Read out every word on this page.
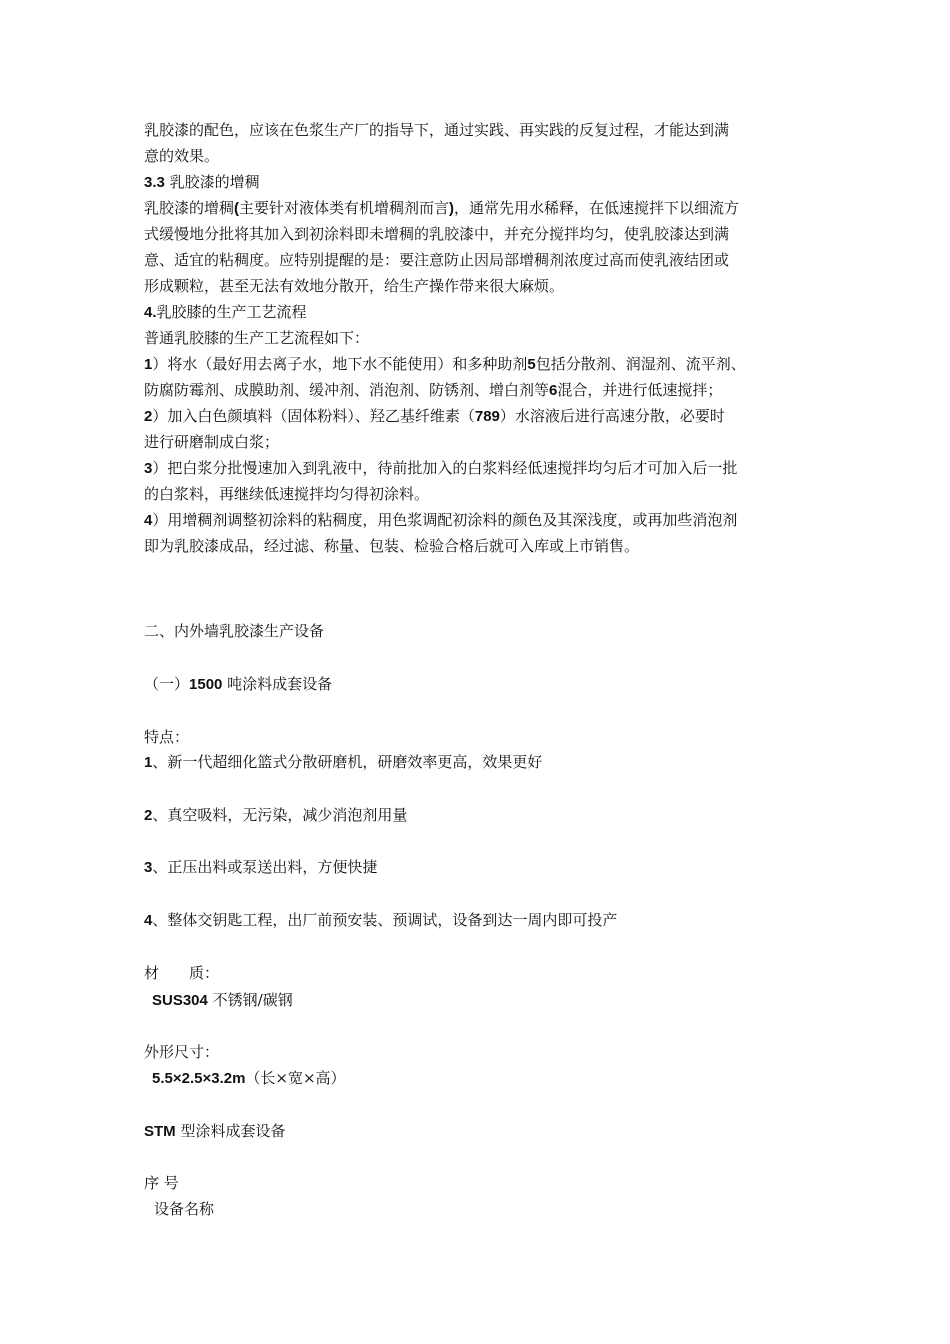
乳胶漆的配色，应该在色浆生产厂的指导下，通过实践、再实践的反复过程，才能达到满
意的效果。
3.3 乳胶漆的增稠
乳胶漆的增稠(主要针对液体类有机增稠剂而言)，通常先用水稀释，在低速搅拌下以细流方
式缓慢地分批将其加入到初涂料即未增稠的乳胶漆中，并充分搅拌均匀，使乳胶漆达到满
意、适宜的粘稠度。应特别提醒的是：要注意防止因局部增稠剂浓度过高而使乳液结团或
形成颗粒，甚至无法有效地分散开，给生产操作带来很大麻烦。
4.乳胶膝的生产工艺流程
普通乳胶膝的生产工艺流程如下：
1）将水（最好用去离子水，地下水不能使用）和多种助剂5包括分散剂、润湿剂、流平剂、
防腐防霉剂、成膜助剂、缓冲剂、消泡剂、防锈剂、增白剂等6混合，并进行低速搅拌；
2）加入白色颜填料（固体粉料）、羟乙基纤维素（789）水溶液后进行高速分散，必要时
进行研磨制成白浆；
3）把白浆分批慢速加入到乳液中，待前批加入的白浆料经低速搅拌均匀后才可加入后一批
的白浆料，再继续低速搅拌均匀得初涂料。
4）用增稠剂调整初涂料的粘稠度，用色浆调配初涂料的颜色及其深浅度，或再加些消泡剂
即为乳胶漆成品，经过滤、称量、包装、检验合格后就可入库或上市销售。
二、内外墙乳胶漆生产设备
（一）1500 吨涂料成套设备
特点：
1、新一代超细化篮式分散研磨机，研磨效率更高，效果更好
2、真空吸料，无污染，减少消泡剂用量
3、正压出料或泵送出料，方便快捷
4、整体交钥匙工程，出厂前预安装、预调试，设备到达一周内即可投产
材　　质：
SUS304 不锈钢/碳钢
外形尺寸：
5.5×2.5×3.2m（长×宽×高）
STM 型涂料成套设备
序 号
设备名称
